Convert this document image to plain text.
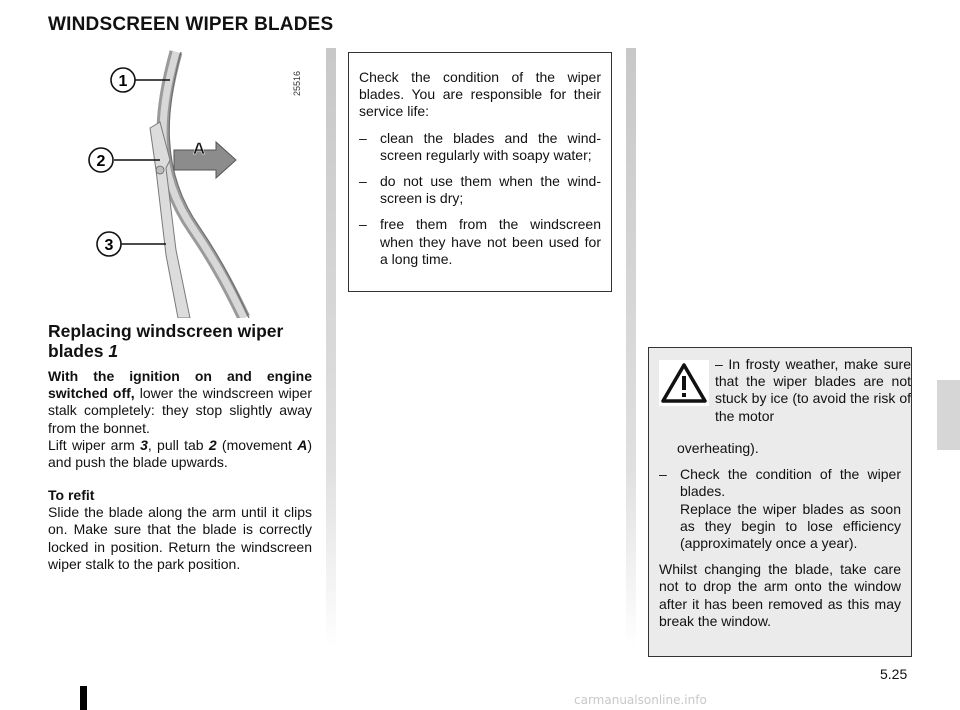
WINDSCREEN WIPER BLADES
1
2
3
A
25516
Replacing windscreen wiper blades 1
With the ignition on and engine switched off, lower the windscreen wiper stalk completely: they stop slightly away from the bonnet.
Lift wiper arm 3, pull tab 2 (movement A) and push the blade upwards.
To refit
Slide the blade along the arm until it clips on. Make sure that the blade is correctly locked in position. Return the windscreen wiper stalk to the park position.

Check the condition of the wiper blades. You are responsible for their service life:

– clean the blades and the windscreen regularly with soapy water;
– do not use them when the windscreen is dry;
– free them from the windscreen when they have not been used for a long time.
– In frosty weather, make sure that the wiper blades are not stuck by ice (to avoid the risk of the motor

overheating).

– Check the condition of the wiper blades.
Replace the wiper blades as soon as they begin to lose efficiency (approximately once a year).

Whilst changing the blade, take care not to drop the arm onto the window after it has been removed as this may break the window.

5.25
carmanualsonline.info
